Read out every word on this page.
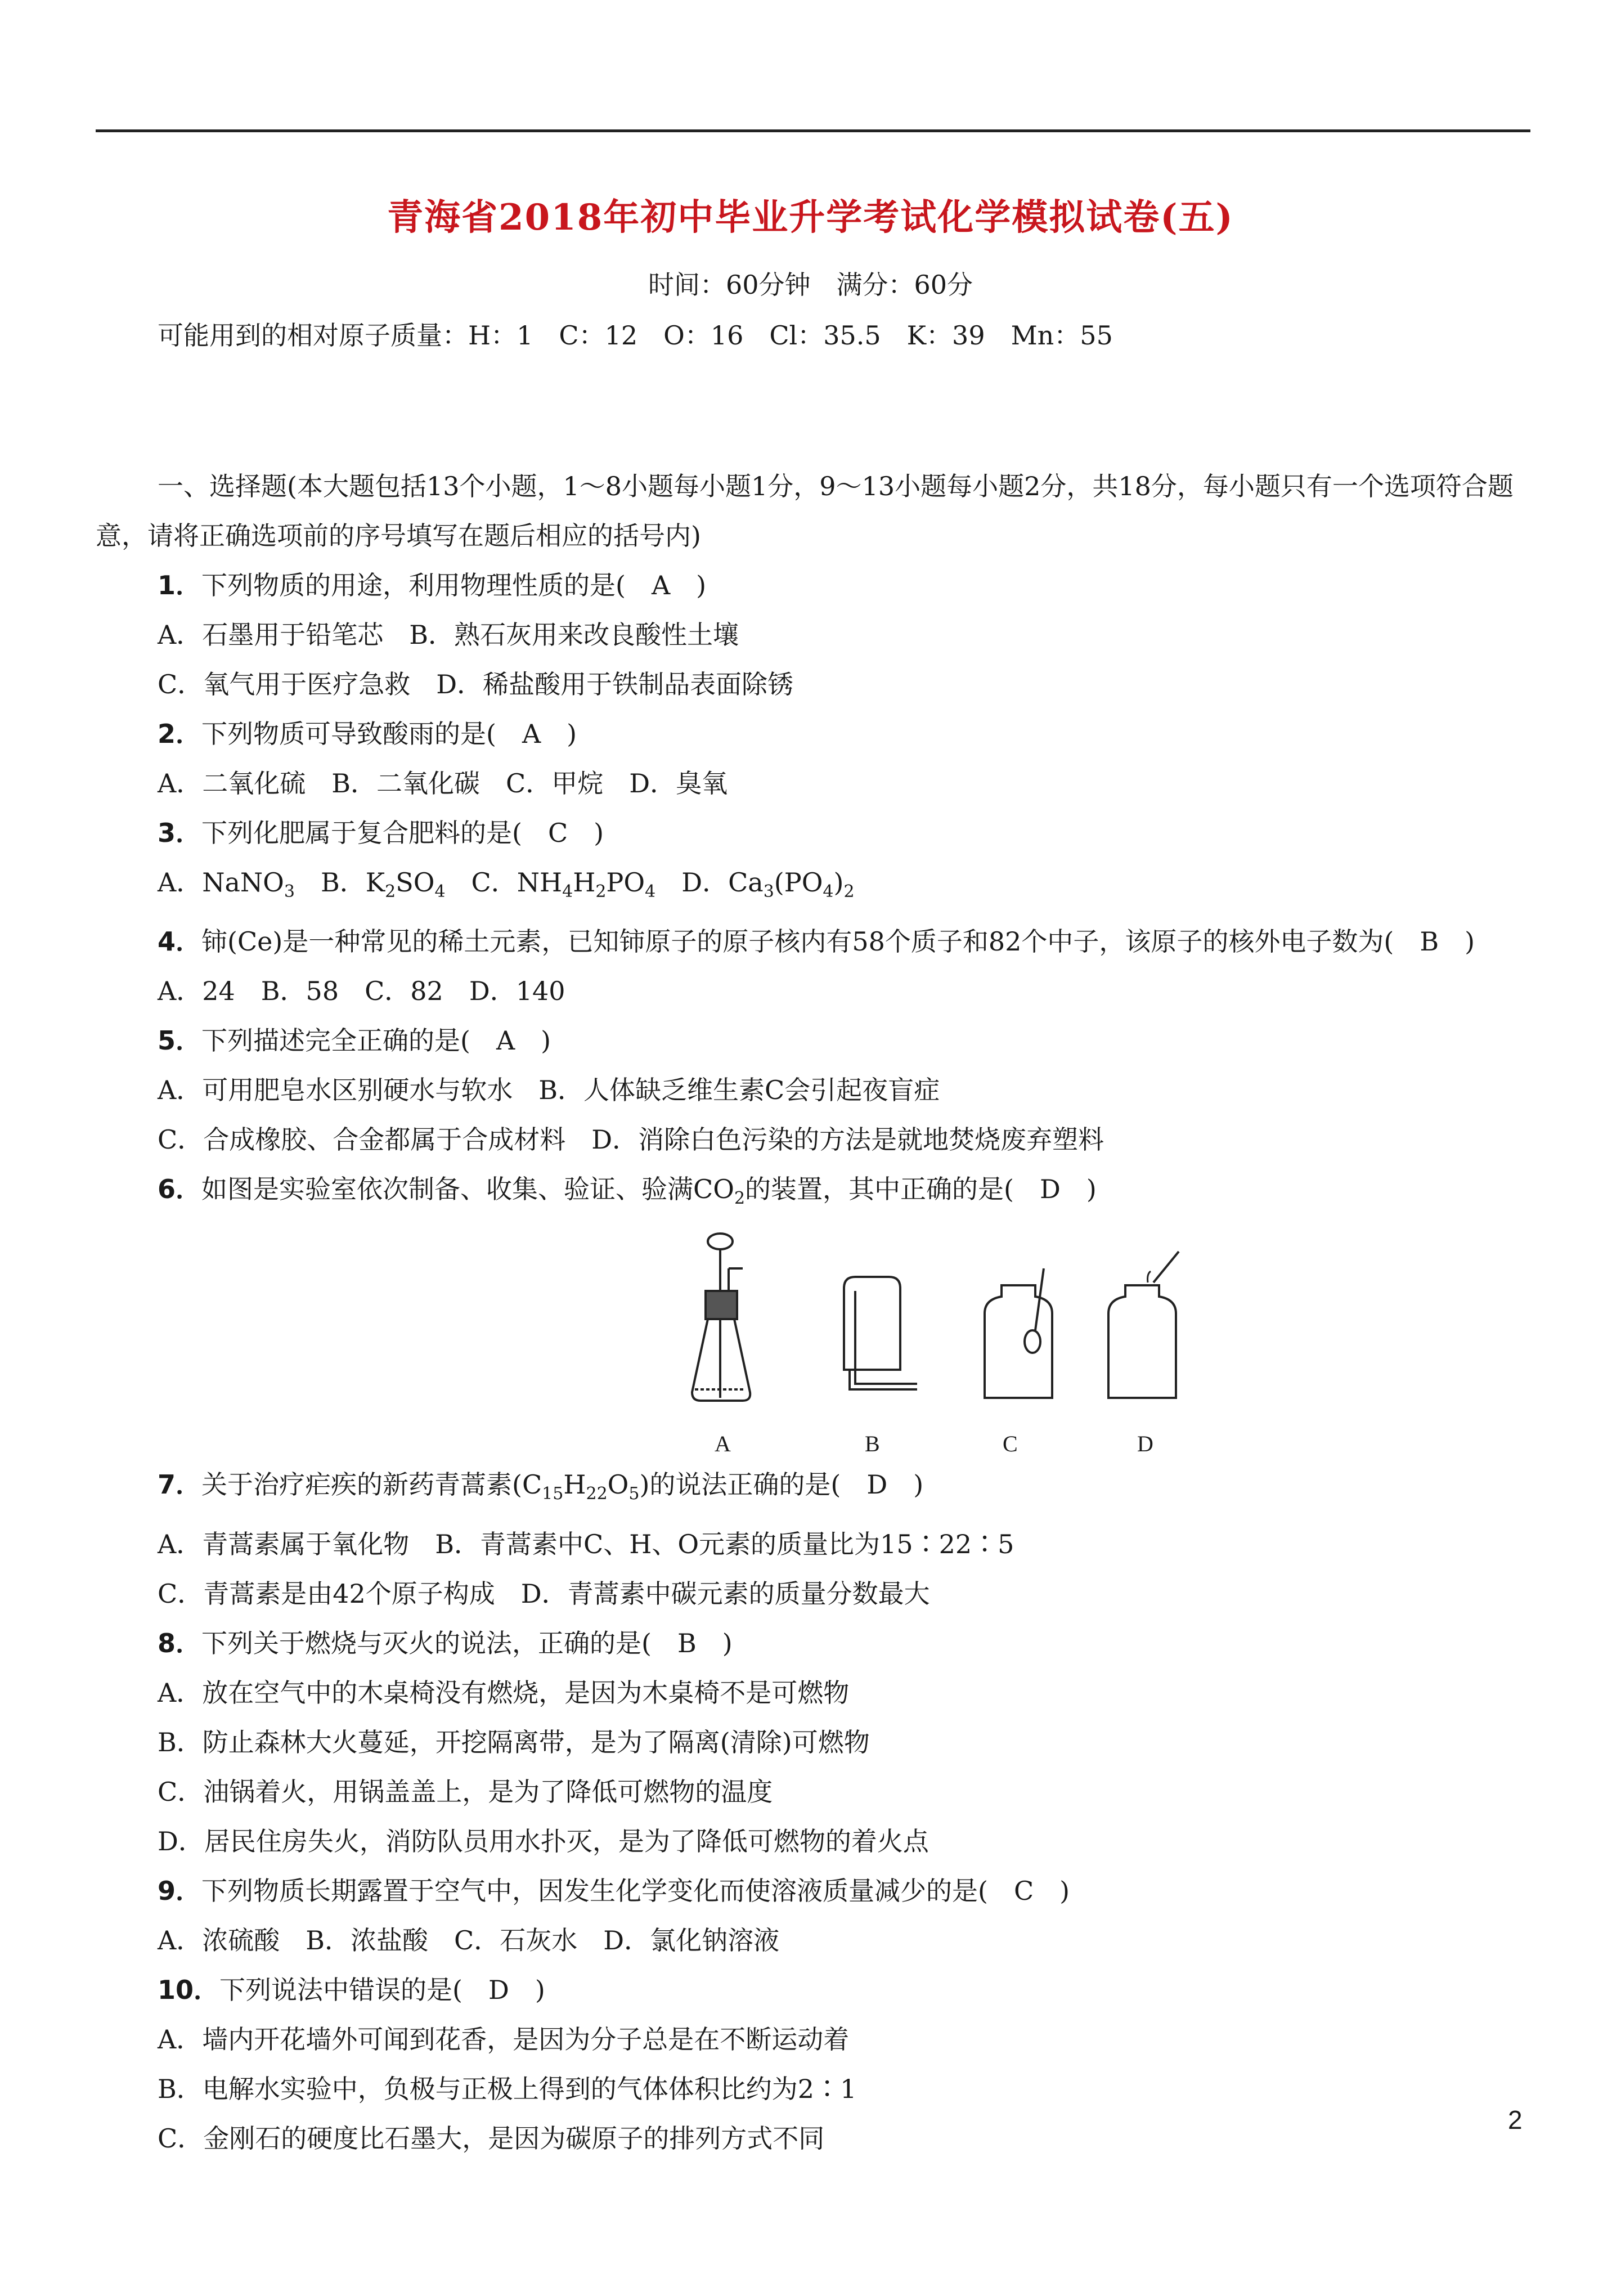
青海省2018年初中毕业升学考试化学模拟试卷(五)
时间：60分钟　满分：60分
可能用到的相对原子质量：H：1　C：12　O：16　Cl：35.5　K：39　Mn：55
一、选择题(本大题包括13个小题，1～8小题每小题1分，9～13小题每小题2分，共18分，每小题只有一个选项符合题意，请将正确选项前的序号填写在题后相应的括号内)
1．下列物质的用途，利用物理性质的是(　A　)
A．石墨用于铅笔芯　B．熟石灰用来改良酸性土壤
C．氧气用于医疗急救　D．稀盐酸用于铁制品表面除锈
2．下列物质可导致酸雨的是(　A　)
A．二氧化硫　B．二氧化碳　C．甲烷　D．臭氧
3．下列化肥属于复合肥料的是(　C　)
A．NaNO$_3$　B．$K_2SO_4$　C．$NH_4H_2PO_4$　D．$Ca_3(PO_4)_2$
4．铈(Ce)是一种常见的稀土元素，已知铈原子的原子核内有58个质子和82个中子，该原子的核外电子数为(　B　)
A．24　B．58　C．82　D．140
5．下列描述完全正确的是(　A　)
A．可用肥皂水区别硬水与软水　B．人体缺乏维生素C会引起夜盲症
C．合成橡胶、合金都属于合成材料　D．消除白色污染的方法是就地焚烧废弃塑料
6．如图是实验室依次制备、收集、验证、验满$CO_2$的装置，其中正确的是(　D　)
A	B	C	D
7．关于治疗疟疾的新药青蒿素$(C_{15}H_{22}O_5)$的说法正确的是(　D　)
A．青蒿素属于氧化物　B．青蒿素中C、H、O元素的质量比为15∶22∶5
C．青蒿素是由42个原子构成　D．青蒿素中碳元素的质量分数最大
8．下列关于燃烧与灭火的说法，正确的是(　B　)
A．放在空气中的木桌椅没有燃烧，是因为木桌椅不是可燃物
B．防止森林大火蔓延，开挖隔离带，是为了隔离(清除)可燃物
C．油锅着火，用锅盖盖上，是为了降低可燃物的温度
D．居民住房失火，消防队员用水扑灭，是为了降低可燃物的着火点
9．下列物质长期露置于空气中，因发生化学变化而使溶液质量减少的是(　C　)
A．浓硫酸　B．浓盐酸　C．石灰水　D．氯化钠溶液
10．下列说法中错误的是(　D　)
A．墙内开花墙外可闻到花香，是因为分子总是在不断运动着
B．电解水实验中，负极与正极上得到的气体体积比约为2∶1
C．金刚石的硬度比石墨大，是因为碳原子的排列方式不同
2
